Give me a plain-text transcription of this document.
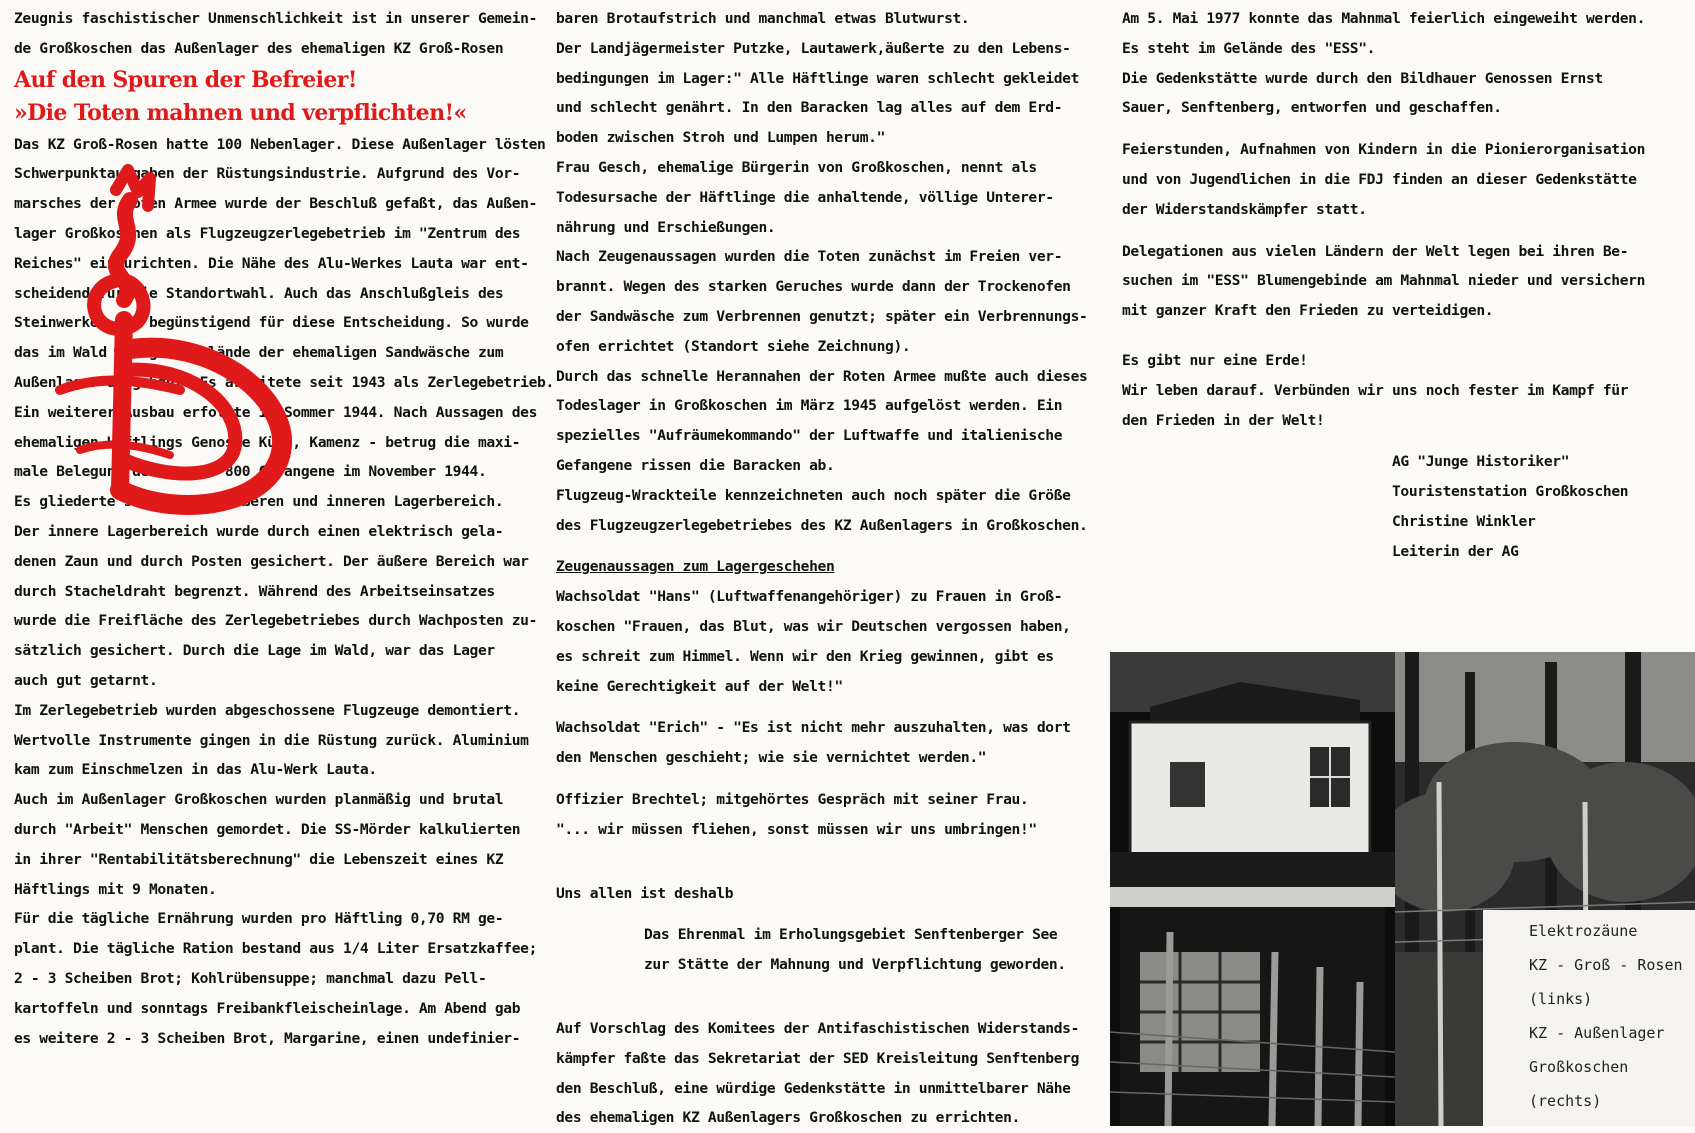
Zeugnis faschistischer Unmenschlichkeit ist in unserer Gemein-
de Großkoschen das Außenlager des ehemaligen KZ Groß-Rosen
Auf den Spuren der Befreier!
»Die Toten mahnen und verpflichten!«
Das KZ Groß-Rosen hatte 100 Nebenlager. Diese Außenlager lösten
Schwerpunktaufgaben der Rüstungsindustrie. Aufgrund des Vor-
marsches der Roten Armee wurde der Beschluß gefaßt, das Außen-
lager Großkoschen als Flugzeugzerlegebetrieb im "Zentrum des
Reiches" einzurichten. Die Nähe des Alu-Werkes Lauta war ent-
scheidend für die Standortwahl. Auch das Anschlußgleis des
Steinwerkes war begünstigend für diese Entscheidung. So wurde
das im Wald gelegene Gelände der ehemaligen Sandwäsche zum
Außenlager ausgebaut. Es arbeitete seit 1943 als Zerlegebetrieb.
Ein weiterer Ausbau erfolgte im Sommer 1944. Nach Aussagen des
ehemaligen Häftlings Genosse Kühn, Kamenz - betrug die maxi-
male Belegung des Lagers 800 Gefangene im November 1944.
Es gliederte sich in den äußeren und inneren Lagerbereich.
Der innere Lagerbereich wurde durch einen elektrisch gela-
denen Zaun und durch Posten gesichert. Der äußere Bereich war
durch Stacheldraht begrenzt. Während des Arbeitseinsatzes
wurde die Freifläche des Zerlegebetriebes durch Wachposten zu-
sätzlich gesichert. Durch die Lage im Wald, war das Lager
auch gut getarnt.
Im Zerlegebetrieb wurden abgeschossene Flugzeuge demontiert.
Wertvolle Instrumente gingen in die Rüstung zurück. Aluminium
kam zum Einschmelzen in das Alu-Werk Lauta.
Auch im Außenlager Großkoschen wurden planmäßig und brutal
durch "Arbeit" Menschen gemordet. Die SS-Mörder kalkulierten
in ihrer "Rentabilitätsberechnung" die Lebenszeit eines KZ
Häftlings mit 9 Monaten.
Für die tägliche Ernährung wurden pro Häftling 0,70 RM ge-
plant. Die tägliche Ration bestand aus 1/4 Liter Ersatzkaffee;
2 - 3 Scheiben Brot; Kohlrübensuppe; manchmal dazu Pell-
kartoffeln und sonntags Freibankfleischeinlage. Am Abend gab
es weitere 2 - 3 Scheiben Brot, Margarine, einen undefinier-
baren Brotaufstrich und manchmal etwas Blutwurst.
Der Landjägermeister Putzke, Lautawerk,äußerte zu den Lebens-
bedingungen im Lager:" Alle Häftlinge waren schlecht gekleidet
und schlecht genährt. In den Baracken lag alles auf dem Erd-
boden zwischen Stroh und Lumpen herum."
Frau Gesch, ehemalige Bürgerin von Großkoschen, nennt als
Todesursache der Häftlinge die anhaltende, völlige Unterer-
nährung und Erschießungen.
Nach Zeugenaussagen wurden die Toten zunächst im Freien ver-
brannt. Wegen des starken Geruches wurde dann der Trockenofen
der Sandwäsche zum Verbrennen genutzt; später ein Verbrennungs-
ofen errichtet (Standort siehe Zeichnung).
Durch das schnelle Herannahen der Roten Armee mußte auch dieses
Todeslager in Großkoschen im März 1945 aufgelöst werden. Ein
spezielles "Aufräumekommando" der Luftwaffe und italienische
Gefangene rissen die Baracken ab.
Flugzeug-Wrackteile kennzeichneten auch noch später die Größe
des Flugzeugzerlegebetriebes des KZ Außenlagers in Großkoschen.
Zeugenaussagen zum Lagergeschehen
Wachsoldat "Hans" (Luftwaffenangehöriger) zu Frauen in Groß-
koschen "Frauen, das Blut, was wir Deutschen vergossen haben,
es schreit zum Himmel. Wenn wir den Krieg gewinnen, gibt es
keine Gerechtigkeit auf der Welt!"
Wachsoldat "Erich" - "Es ist nicht mehr auszuhalten, was dort
den Menschen geschieht; wie sie vernichtet werden."
Offizier Brechtel; mitgehörtes Gespräch mit seiner Frau.
"... wir müssen fliehen, sonst müssen wir uns umbringen!"
Uns allen ist deshalb
Das Ehrenmal im Erholungsgebiet Senftenberger See
zur Stätte der Mahnung und Verpflichtung geworden.
Auf Vorschlag des Komitees der Antifaschistischen Widerstands-
kämpfer faßte das Sekretariat der SED Kreisleitung Senftenberg
den Beschluß, eine würdige Gedenkstätte in unmittelbarer Nähe
des ehemaligen KZ Außenlagers Großkoschen zu errichten.
Am 5. Mai 1977 konnte das Mahnmal feierlich eingeweiht werden.
Es steht im Gelände des "ESS".
Die Gedenkstätte wurde durch den Bildhauer Genossen Ernst
Sauer, Senftenberg, entworfen und geschaffen.
Feierstunden, Aufnahmen von Kindern in die Pionierorganisation
und von Jugendlichen in die FDJ finden an dieser Gedenkstätte
der Widerstandskämpfer statt.
Delegationen aus vielen Ländern der Welt legen bei ihren Be-
suchen im "ESS" Blumengebinde am Mahnmal nieder und versichern
mit ganzer Kraft den Frieden zu verteidigen.
Es gibt nur eine Erde!
Wir leben darauf. Verbünden wir uns noch fester im Kampf für
den Frieden in der Welt!
AG "Junge Historiker"
Touristenstation Großkoschen
Christine Winkler
Leiterin der AG
Elektrozäune
KZ - Groß - Rosen
(links)
KZ - Außenlager
Großkoschen
(rechts)
